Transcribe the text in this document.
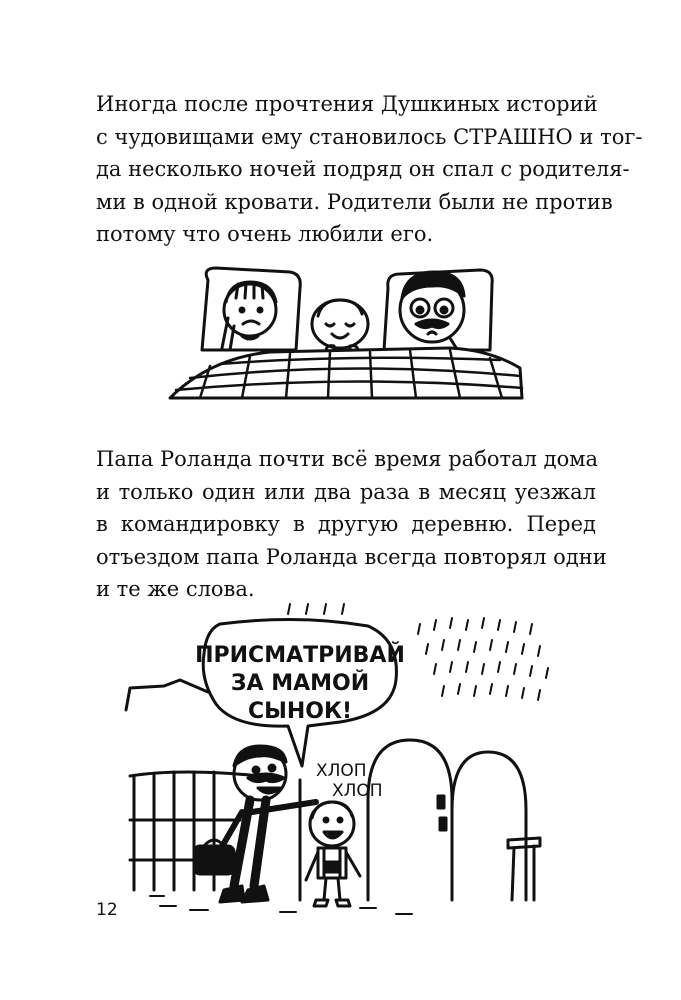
Иногда после прочтения Душкиных историй
с чудовищами ему становилось СТРАШНО и тог-
да несколько ночей подряд он спал с родителя-
ми в одной кровати. Родители были не против
потому что очень любили его.
Папа Роланда почти всё время работал дома
и только один или два раза в месяц уезжал
в командировку в другую деревню. Перед
отъездом папа Роланда всегда повторял одни
и те же слова.
ПРИСМАТРИВАЙ
ЗА МАМОЙ
СЫНОК!
ХЛОП
ХЛОП
12
